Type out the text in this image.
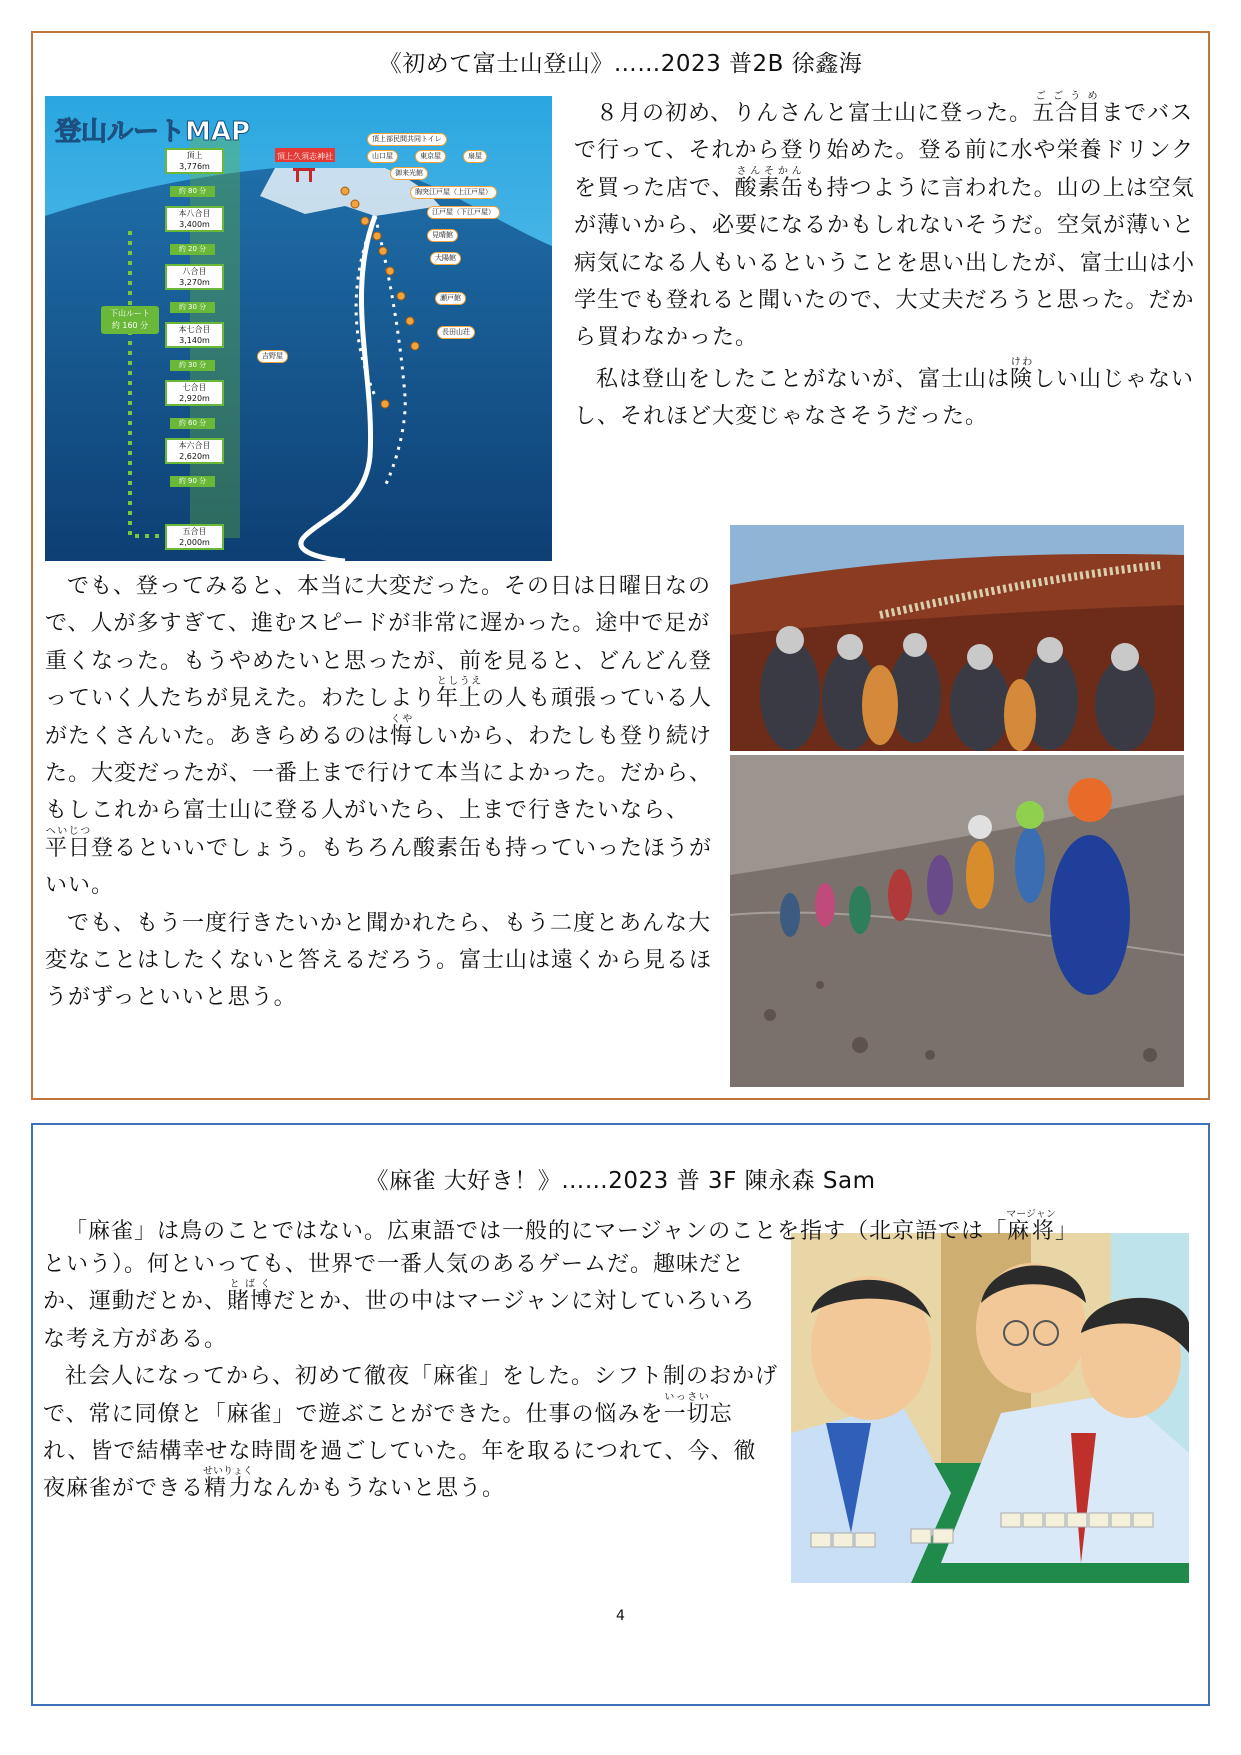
《初めて富士山登山》……2023 普2B 徐鑫海
頂上久須志神社
登山ルートMAP
頂上
3,776m
約 80 分
本八合目
3,400m
約 20 分
八合目
3,270m
約 30 分
本七合目
3,140m
約 30 分
七合目
2,920m
約 60 分
本六合目
2,620m
約 90 分
五合目
2,000m
下山ルート
約 160 分
頂上部民間共同トイレ
山口屋	東京屋	扇屋
御来光館
胸突江戸屋（上江戸屋）
江戸屋（下江戸屋）
見晴館
大陽館
瀬戸館
長田山荘
吉野屋

８月の初め、りんさんと富士山に登った。五合目ごごうめまでバスで行って、それから登り始めた。登る前に水や栄養ドリンクを買った店で、酸素缶さんそかんも持つように言われた。山の上は空気が薄いから、必要になるかもしれないそうだ。空気が薄いと病気になる人もいるということを思い出したが、富士山は小学生でも登れると聞いたので、大丈夫だろうと思った。だから買わなかった。

私は登山をしたことがないが、富士山は険けわしい山じゃないし、それほど大変じゃなさそうだった。

でも、登ってみると、本当に大変だった。その日は日曜日なので、人が多すぎて、進むスピードが非常に遅かった。途中で足が重くなった。もうやめたいと思ったが、前を見ると、どんどん登っていく人たちが見えた。わたしより年とし上うえの人も頑張っている人がたくさんいた。あきらめるのは悔くやしいから、わたしも登り続けた。大変だったが、一番上まで行けて本当によかった。だから、もしこれから富士山に登る人がいたら、上まで行きたいなら、平日へいじつ登るといいでしょう。もちろん酸素缶も持っていったほうがいい。

でも、もう一度行きたいかと聞かれたら、もう二度とあんな大変なことはしたくないと答えるだろう。富士山は遠くから見るほうがずっといいと思う。

《麻雀 大好き！》……2023 普 3F 陳永森 Sam

「麻雀」は鳥のことではない。広東語では一般的にマージャンのことを指す（北京語では「麻将マージャン」

という）。何といっても、世界で一番人気のあるゲームだ。趣味だとか、運動だとか、賭博とばくだとか、世の中はマージャンに対していろいろな考え方がある。

社会人になってから、初めて徹夜「麻雀」をした。シフト制のおかげで、常に同僚と「麻雀」で遊ぶことができた。仕事の悩みを一切いっさい忘れ、皆で結構幸せな時間を過ごしていた。年を取るにつれて、今、徹夜麻雀ができる精力せいりょくなんかもうないと思う。

4
